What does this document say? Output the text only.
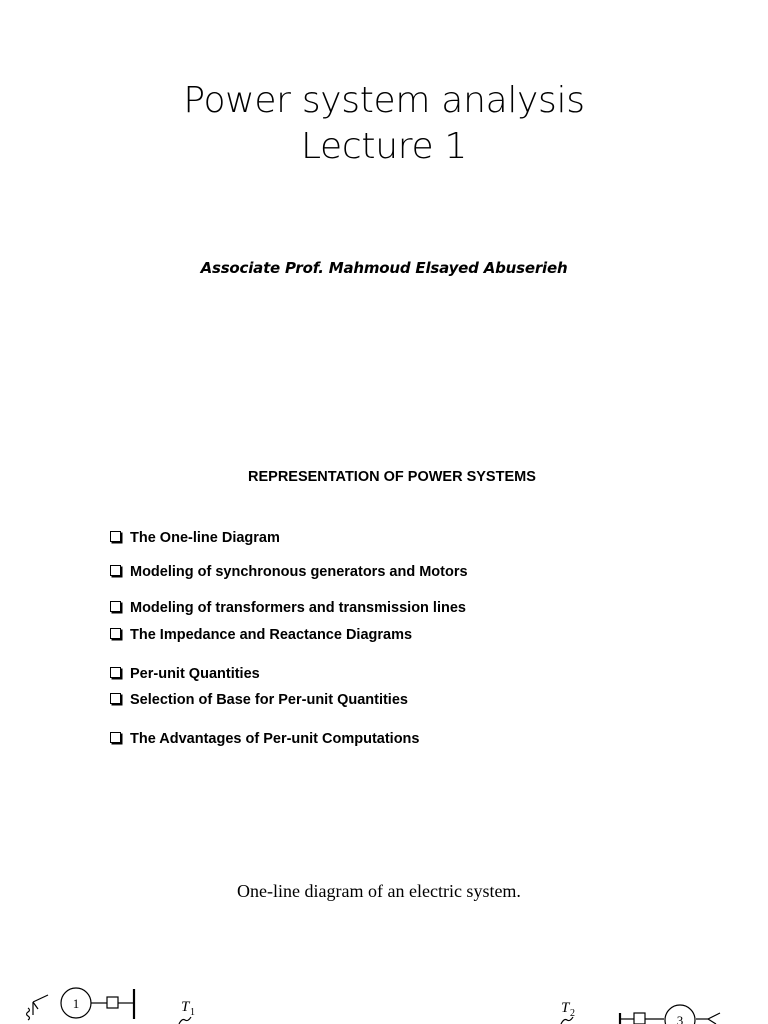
Power system analysis
Lecture 1
Associate Prof. Mahmoud Elsayed Abuserieh
REPRESENTATION OF POWER SYSTEMS
The One-line Diagram
Modeling of synchronous generators and Motors
Modeling of transformers and transmission lines
The Impedance and Reactance Diagrams
Per-unit Quantities
Selection of Base for Per-unit Quantities
The Advantages of Per-unit Computations
One-line diagram of an electric system.
1
3
T 1	T 2
